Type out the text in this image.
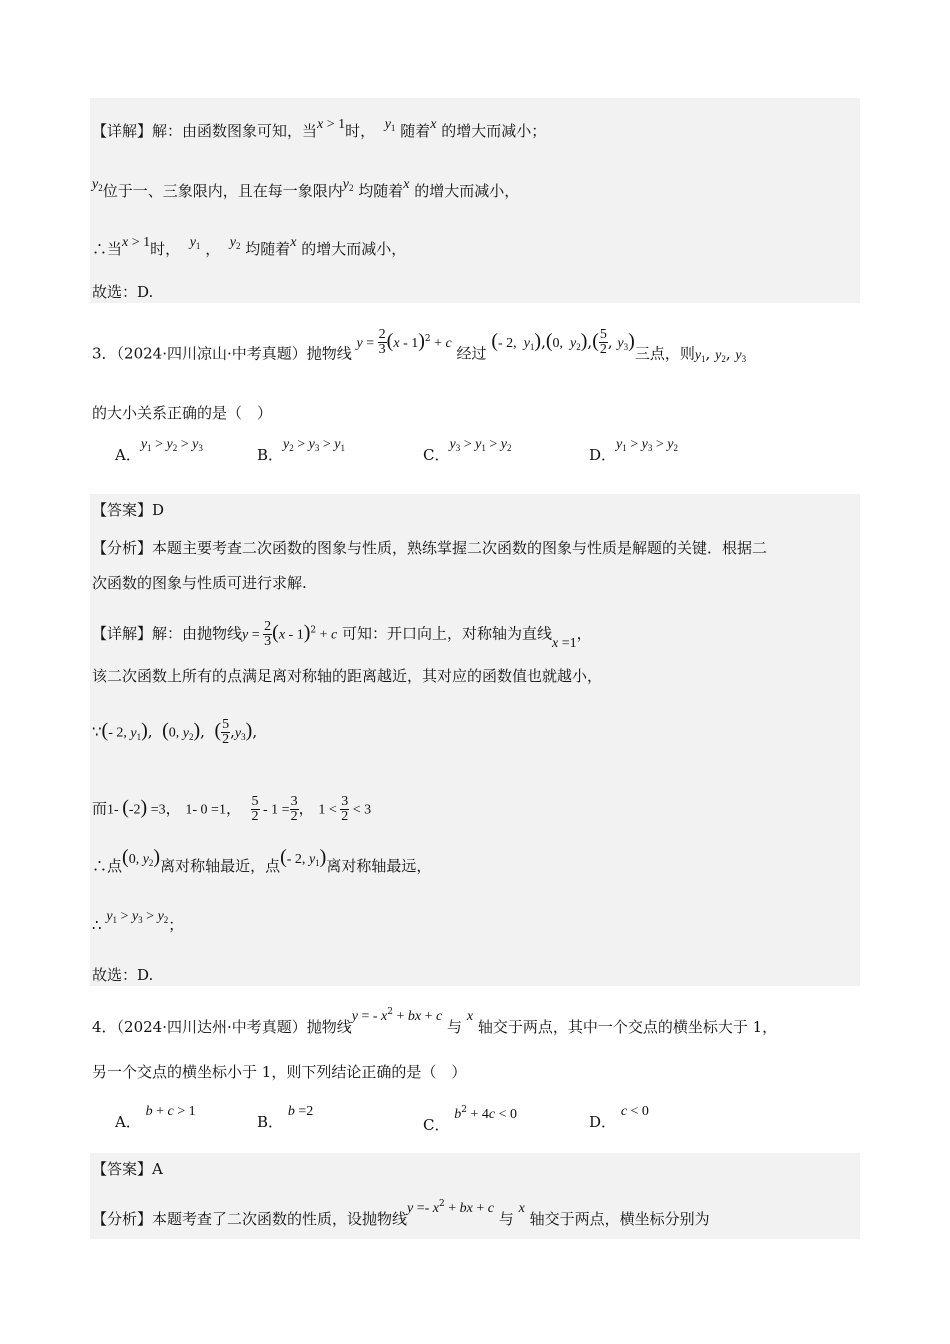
【详解】解：由函数图象可知，当x > 1时， $y_1$ 随着x 的增大而减小；
$y_2$位于一、三象限内，且在每一象限内$y_2$ 均随着x 的增大而减小，
∴当x > 1时， $y_1$ ， $y_2$ 均随着x 的增大而减小，
故选：D.
3．（2024·四川凉山·中考真题）抛物线 $y = \frac{2}{3} (x - 1)^2 + c$ 经过 (- 2,  $y_1),(0$,  $y_2),( \frac{5}{2}$ , $y_3$)三点，则$y_1$, $y_2$, $y_3$
的大小关系正确的是（　）
A．$y_1 > y_2 > y_3$	B．$y_2 > y_3 > y_1$	C．$y_3 > y_1 > y_2$	D．$y_1 > y_3 > y_2$
【答案】D
【分析】本题主要考查二次函数的图象与性质，熟练掌握二次函数的图象与性质是解题的关键．根据二
次函数的图象与性质可进行求解.
【详解】解：由抛物线$y = \frac{2}{3} (x - 1)^2 + c$ 可知：开口向上，对称轴为直线x =1，
该二次函数上所有的点满足离对称轴的距离越近，其对应的函数值也就越小，
∵(- 2, $y_1$),  (0, $y_2$),  ( $\frac{5}{2} ,y_3$),
而1- (-2) =3， 1- 0 =1， $\frac{5}{2} - 1 = \frac{3}{2}$ ， $1 < \frac{3}{2} < 3$
∴点(0, $y_2$)离对称轴最近，点(- 2, $y_1$)离对称轴最远，
∴ $y_1 > y_3 > y_2$；
故选：D.
4．（2024·四川达州·中考真题）抛物线y = - $x^2$ + bx + c 与 x 轴交于两点，其中一个交点的横坐标大于 1，
另一个交点的横坐标小于 1，则下列结论正确的是（　）
A． b + c > 1
B． b =2
C． $b^2 + 4c < 0$	D． c < 0
【答案】A
【分析】本题考查了二次函数的性质，设抛物线$y =- x^2$ + bx + c 与 x 轴交于两点，横坐标分别为
